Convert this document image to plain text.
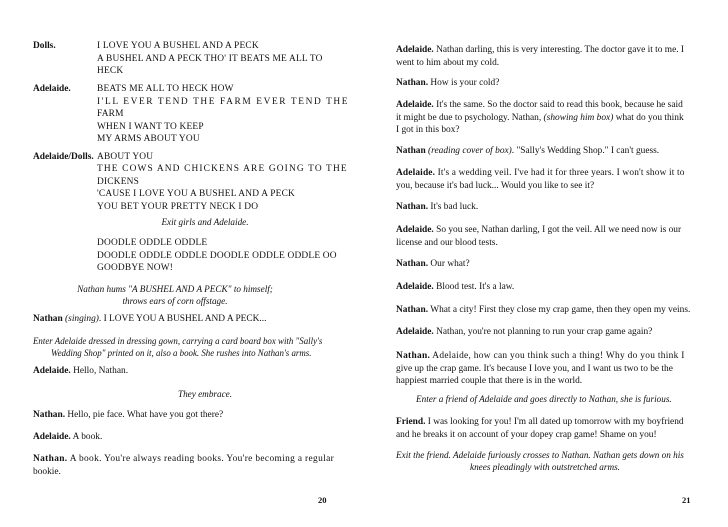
Dolls.	I LOVE YOU A BUSHEL AND A PECK
A BUSHEL AND A PECK THO' IT BEATS ME ALL TO
HECK
Adelaide.	BEATS ME ALL TO HECK HOW
I'LL EVER TEND THE FARM EVER TEND THE
FARM
WHEN I WANT TO KEEP
MY ARMS ABOUT YOU
Adelaide/Dolls. ABOUT YOU
THE COWS AND CHICKENS ARE GOING TO THE
DICKENS
'CAUSE I LOVE YOU A BUSHEL AND A PECK
YOU BET YOUR PRETTY NECK I DO
Exit girls and Adelaide.
DOODLE ODDLE ODDLE
DOODLE ODDLE ODDLE DOODLE ODDLE ODDLE OO
GOODBYE NOW!
Nathan hums "A BUSHEL AND A PECK" to himself;
throws ears of corn offstage.
Nathan (singing). I LOVE YOU A BUSHEL AND A PECK...
Enter Adelaide dressed in dressing gown, carrying a card board box with "Sally's
Wedding Shop" printed on it, also a book. She rushes into Nathan's arms.
Adelaide. Hello, Nathan.
They embrace.
Nathan. Hello, pie face. What have you got there?
Adelaide. A book.
Nathan. A book. You're always reading books. You're becoming a regular
bookie.
20
Adelaide. Nathan darling, this is very interesting. The doctor gave it to me. I
went to him about my cold.
Nathan. How is your cold?
Adelaide. It's the same. So the doctor said to read this book, because he said
it might be due to psychology. Nathan, (showing him box) what do you think
I got in this box?
Nathan (reading cover of box). "Sally's Wedding Shop." I can't guess.
Adelaide. It's a wedding veil. I've had it for three years. I won't show it to
you, because it's bad luck... Would you like to see it?
Nathan. It's bad luck.
Adelaide. So you see, Nathan darling, I got the veil. All we need now is our
license and our blood tests.
Nathan. Our what?
Adelaide. Blood test. It's a law.
Nathan. What a city! First they close my crap game, then they open my veins.
Adelaide. Nathan, you're not planning to run your crap game again?
Nathan. Adelaide, how can you think such a thing! Why do you think I
give up the crap game. It's because I love you, and I want us two to be the
happiest married couple that there is in the world.
Enter a friend of Adelaide and goes directly to Nathan, she is furious.
Friend. I was looking for you! I'm all dated up tomorrow with my boyfriend
and he breaks it on account of your dopey crap game! Shame on you!
Exit the friend. Adelaide furiously crosses to Nathan. Nathan gets down on his
knees pleadingly with outstretched arms.
21
